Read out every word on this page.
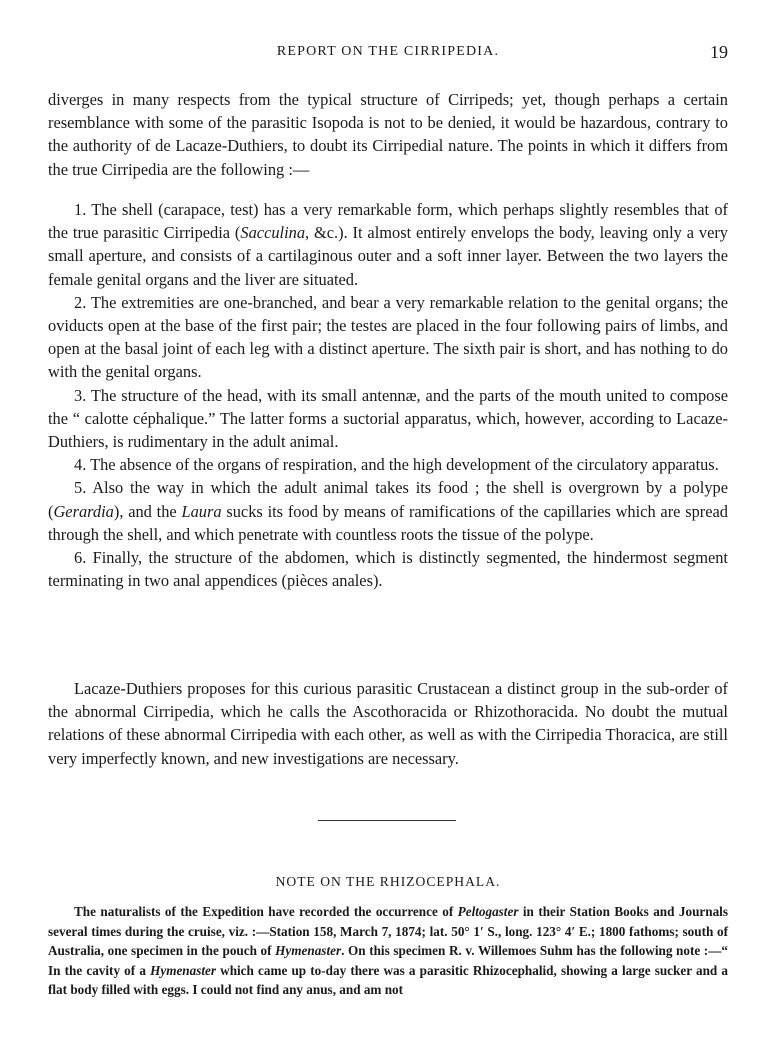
REPORT ON THE CIRRIPEDIA.	19

diverges in many respects from the typical structure of Cirripeds; yet, though perhaps a certain resemblance with some of the parasitic Isopoda is not to be denied, it would be hazardous, contrary to the authority of de Lacaze-Duthiers, to doubt its Cirripedial nature. The points in which it differs from the true Cirripedia are the following :—

1. The shell (carapace, test) has a very remarkable form, which perhaps slightly resembles that of the true parasitic Cirripedia (Sacculina, &c.). It almost entirely envelops the body, leaving only a very small aperture, and consists of a cartilaginous outer and a soft inner layer. Between the two layers the female genital organs and the liver are situated.

2. The extremities are one-branched, and bear a very remarkable relation to the genital organs; the oviducts open at the base of the first pair; the testes are placed in the four following pairs of limbs, and open at the basal joint of each leg with a distinct aperture. The sixth pair is short, and has nothing to do with the genital organs.

3. The structure of the head, with its small antennæ, and the parts of the mouth united to compose the “ calotte céphalique.” The latter forms a suctorial apparatus, which, however, according to Lacaze-Duthiers, is rudimentary in the adult animal.

4. The absence of the organs of respiration, and the high development of the circulatory apparatus.

5. Also the way in which the adult animal takes its food ; the shell is overgrown by a polype (Gerardia), and the Laura sucks its food by means of ramifications of the capillaries which are spread through the shell, and which penetrate with countless roots the tissue of the polype.

6. Finally, the structure of the abdomen, which is distinctly segmented, the hindermost segment terminating in two anal appendices (pièces anales).

Lacaze-Duthiers proposes for this curious parasitic Crustacean a distinct group in the sub-order of the abnormal Cirripedia, which he calls the Ascothoracida or Rhizothoracida. No doubt the mutual relations of these abnormal Cirripedia with each other, as well as with the Cirripedia Thoracica, are still very imperfectly known, and new investigations are necessary.

NOTE ON THE RHIZOCEPHALA.

The naturalists of the Expedition have recorded the occurrence of Peltogaster in their Station Books and Journals several times during the cruise, viz. :—Station 158, March 7, 1874; lat. 50° 1′ S., long. 123° 4′ E.; 1800 fathoms; south of Australia, one specimen in the pouch of Hymenaster. On this specimen R. v. Willemoes Suhm has the following note :—“ In the cavity of a Hymenaster which came up to-day there was a parasitic Rhizocephalid, showing a large sucker and a flat body filled with eggs. I could not find any anus, and am not
